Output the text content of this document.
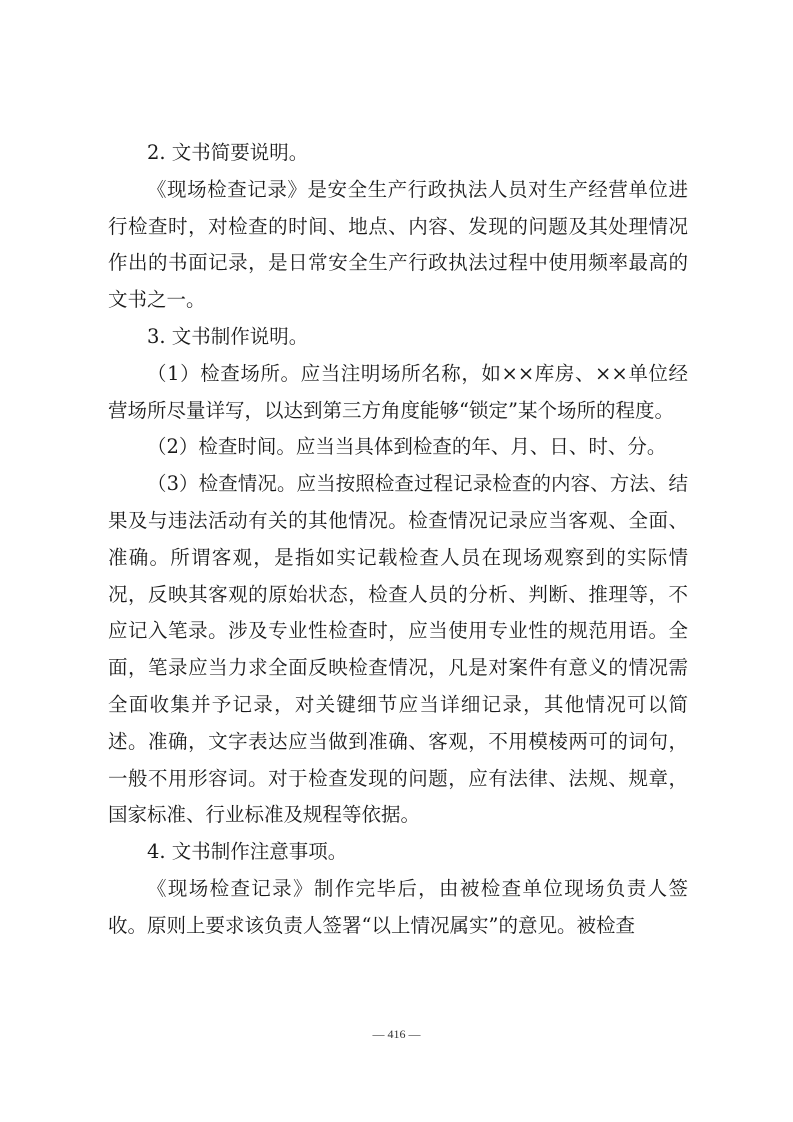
2. 文书简要说明。

《现场检查记录》是安全生产行政执法人员对生产经营单位进行检查时，对检查的时间、地点、内容、发现的问题及其处理情况作出的书面记录，是日常安全生产行政执法过程中使用频率最高的文书之一。

3. 文书制作说明。

（1）检查场所。应当注明场所名称，如××库房、××单位经营场所尽量详写，以达到第三方角度能够“锁定”某个场所的程度。

（2）检查时间。应当当具体到检查的年、月、日、时、分。

（3）检查情况。应当按照检查过程记录检查的内容、方法、结果及与违法活动有关的其他情况。检查情况记录应当客观、全面、准确。所谓客观，是指如实记载检查人员在现场观察到的实际情况，反映其客观的原始状态，检查人员的分析、判断、推理等，不应记入笔录。涉及专业性检查时，应当使用专业性的规范用语。全面，笔录应当力求全面反映检查情况，凡是对案件有意义的情况需全面收集并予记录，对关键细节应当详细记录，其他情况可以简述。准确，文字表达应当做到准确、客观，不用模棱两可的词句，一般不用形容词。对于检查发现的问题，应有法律、法规、规章，国家标准、行业标准及规程等依据。

4. 文书制作注意事项。

《现场检查记录》制作完毕后，由被检查单位现场负责人签收。原则上要求该负责人签署“以上情况属实”的意见。被检查

— 416 —
